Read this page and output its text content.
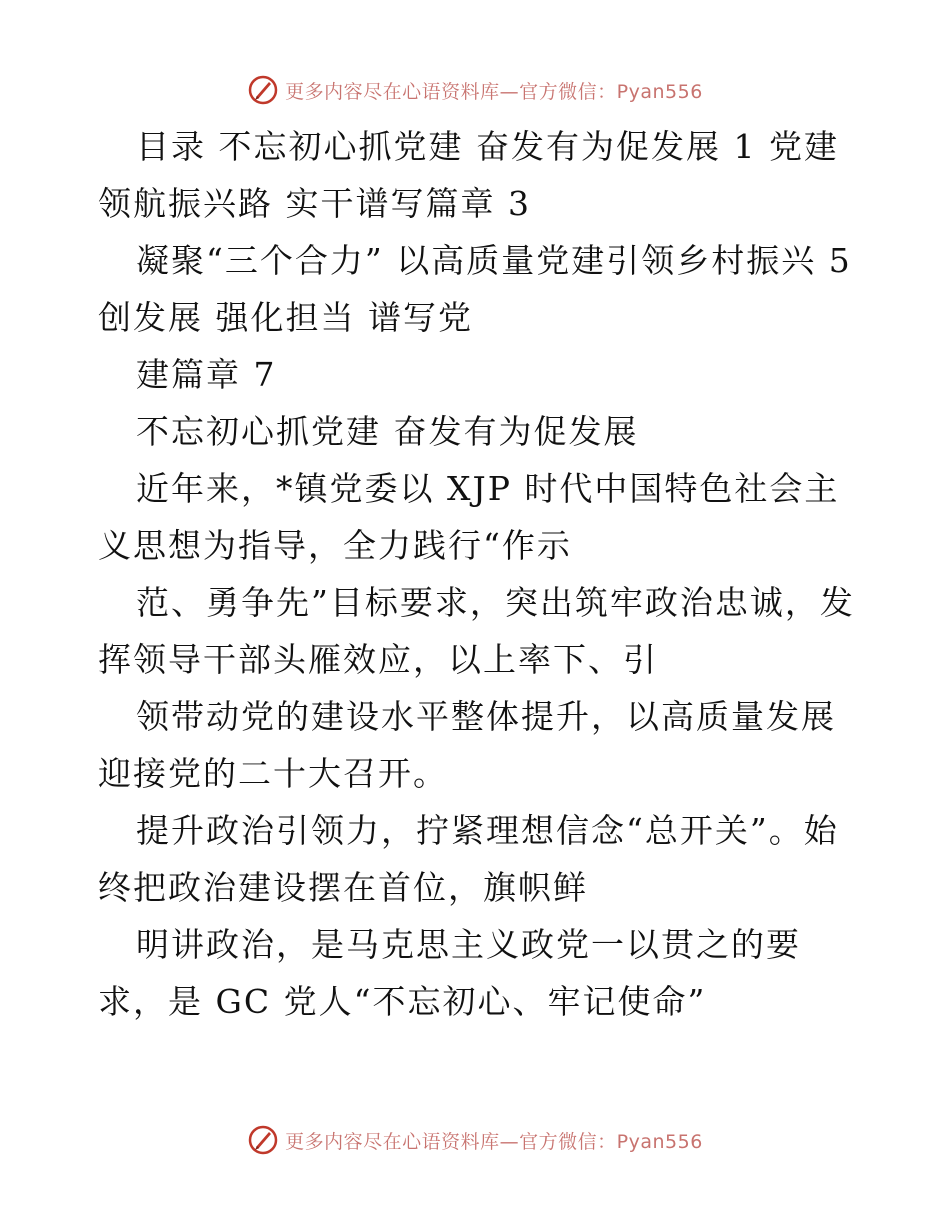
更多内容尽在心语资料库—官方微信：Pyan556

目录 不忘初心抓党建 奋发有为促发展 1 党建领航振兴路 实干谱写篇章 3

凝聚“三个合力” 以高质量党建引领乡村振兴 5 创发展 强化担当 谱写党

建篇章 7

不忘初心抓党建 奋发有为促发展

近年来，*镇党委以 XJP 时代中国特色社会主义思想为指导，全力践行“作示

范、勇争先”目标要求，突出筑牢政治忠诚，发挥领导干部头雁效应，以上率下、引

领带动党的建设水平整体提升，以高质量发展迎接党的二十大召开。

提升政治引领力，拧紧理想信念“总开关”。始终把政治建设摆在首位，旗帜鲜

明讲政治，是马克思主义政党一以贯之的要求，是 GC 党人“不忘初心、牢记使命”

更多内容尽在心语资料库—官方微信：Pyan556
